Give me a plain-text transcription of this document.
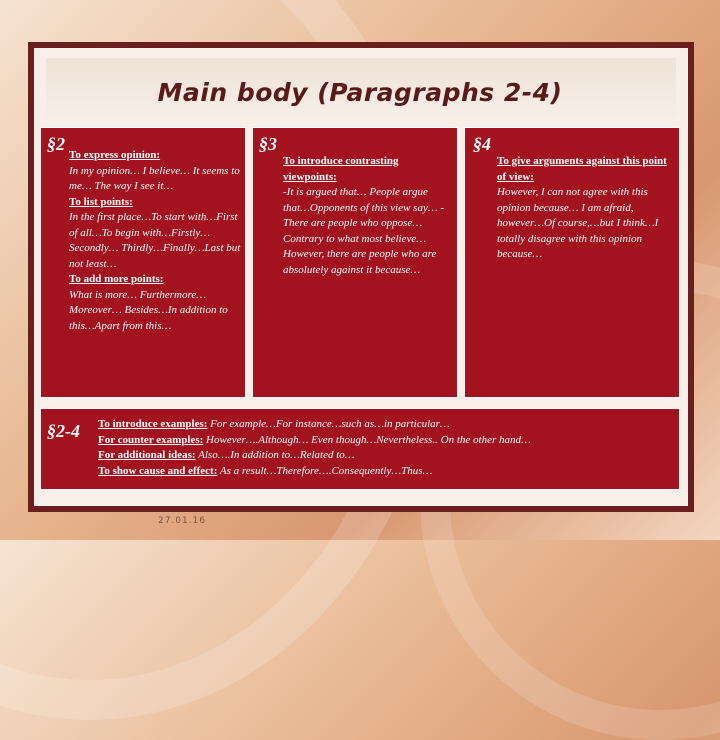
Main body (Paragraphs 2-4)
§2
To express opinion:
In my opinion… I believe… It seems to me… The way I see it…
To list points:
In the first place…To start with…First of all…To begin with…Firstly…Secondly… Thirdly…Finally…Last but not least…
To add more points:
What is more… Furthermore…Moreover… Besides…In addition to this…Apart from this…
§3
To introduce contrasting viewpoints:
-It is argued that… People argue that…Opponents of this view say… -There are people who oppose…Contrary to what most believe… However, there are people who are absolutely against it because…
§4
To give arguments against this point of view:
However, I can not agree with this opinion because… I am afraid, however…Of course,…but I think…I totally disagree with this opinion because…
§2-4 To introduce examples: For example…For instance…such as…in particular…
For counter examples: However….Although… Even though…Nevertheless.. On the other hand…
For additional ideas: Also….In addition to…Related to…
To show cause and effect: As a result…Therefore….Consequently…Thus…
27.01.16
